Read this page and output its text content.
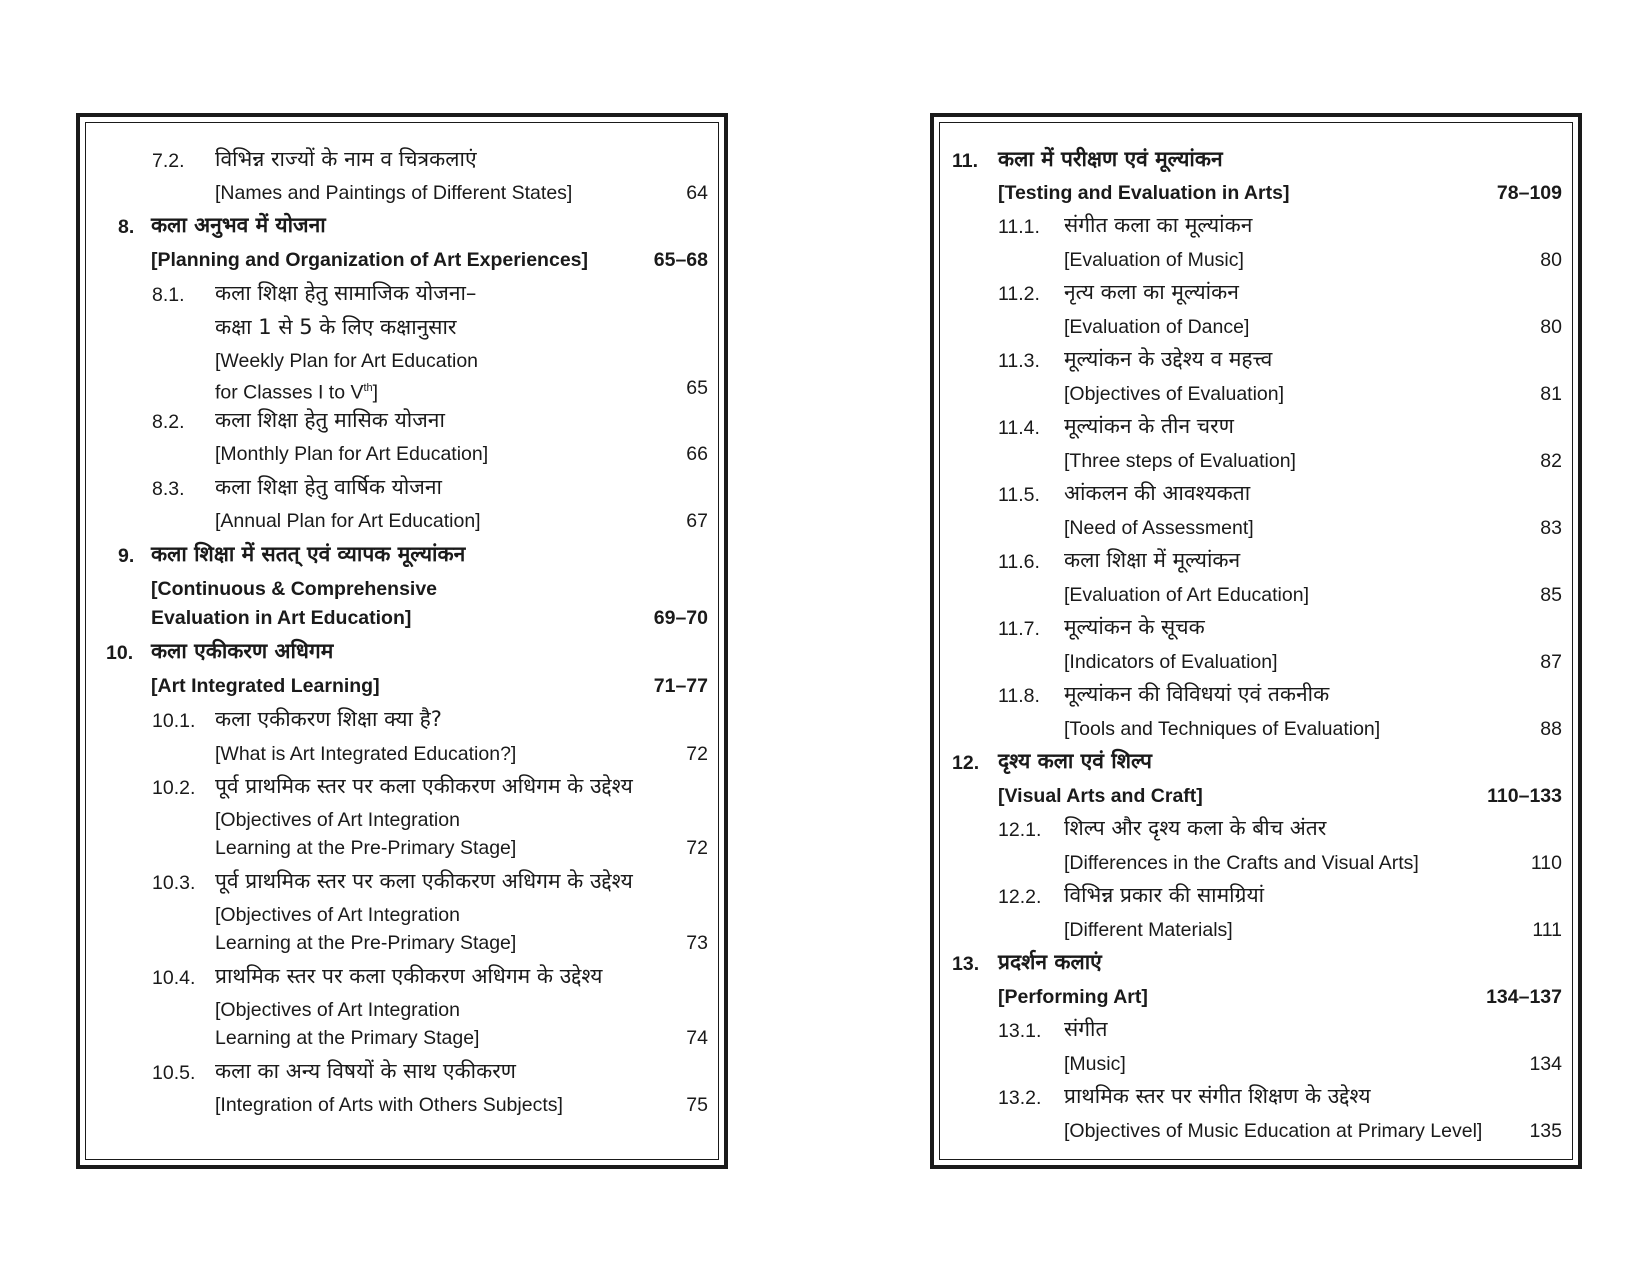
7.2. विभिन्न राज्यों के नाम व चित्रकलाएं
[Names and Paintings of Different States]	64
8. कला अनुभव में योजना
[Planning and Organization of Art Experiences]	65–68
8.1. कला शिक्षा हेतु सामाजिक योजना–
कक्षा 1 से 5 के लिए कक्षानुसार
[Weekly Plan for Art Education
for Classes I to Vth]	65
8.2. कला शिक्षा हेतु मासिक योजना
[Monthly Plan for Art Education]	66
8.3. कला शिक्षा हेतु वार्षिक योजना
[Annual Plan for Art Education]	67
9. कला शिक्षा में सतत् एवं व्यापक मूल्यांकन
[Continuous & Comprehensive
Evaluation in Art Education]	69–70
10. कला एकीकरण अधिगम
[Art Integrated Learning]	71–77
10.1. कला एकीकरण शिक्षा क्या है?
[What is Art Integrated Education?]	72
10.2. पूर्व प्राथमिक स्तर पर कला एकीकरण अधिगम के उद्देश्य
[Objectives of Art Integration
Learning at the Pre-Primary Stage]	72
10.3. पूर्व प्राथमिक स्तर पर कला एकीकरण अधिगम के उद्देश्य
[Objectives of Art Integration
Learning at the Pre-Primary Stage]	73
10.4. प्राथमिक स्तर पर कला एकीकरण अधिगम के उद्देश्य
[Objectives of Art Integration
Learning at the Primary Stage]	74
10.5. कला का अन्य विषयों के साथ एकीकरण
[Integration of Arts with Others Subjects]	75
11. कला में परीक्षण एवं मूल्यांकन
[Testing and Evaluation in Arts]	78–109
11.1. संगीत कला का मूल्यांकन
[Evaluation of Music]	80
11.2. नृत्य कला का मूल्यांकन
[Evaluation of Dance]	80
11.3. मूल्यांकन के उद्देश्य व महत्त्व
[Objectives of Evaluation]	81
11.4. मूल्यांकन के तीन चरण
[Three steps of Evaluation]	82
11.5. आंकलन की आवश्यकता
[Need of Assessment]	83
11.6. कला शिक्षा में मूल्यांकन
[Evaluation of Art Education]	85
11.7. मूल्यांकन के सूचक
[Indicators of Evaluation]	87
11.8. मूल्यांकन की विविधयां एवं तकनीक
[Tools and Techniques of Evaluation]	88
12. दृश्य कला एवं शिल्प
[Visual Arts and Craft]	110–133
12.1. शिल्प और दृश्य कला के बीच अंतर
[Differences in the Crafts and Visual Arts]	110
12.2. विभिन्न प्रकार की सामग्रियां
[Different Materials]	111
13. प्रदर्शन कलाएं
[Performing Art]	134–137
13.1. संगीत
[Music]	134
13.2. प्राथमिक स्तर पर संगीत शिक्षण के उद्देश्य
[Objectives of Music Education at Primary Level]	135
